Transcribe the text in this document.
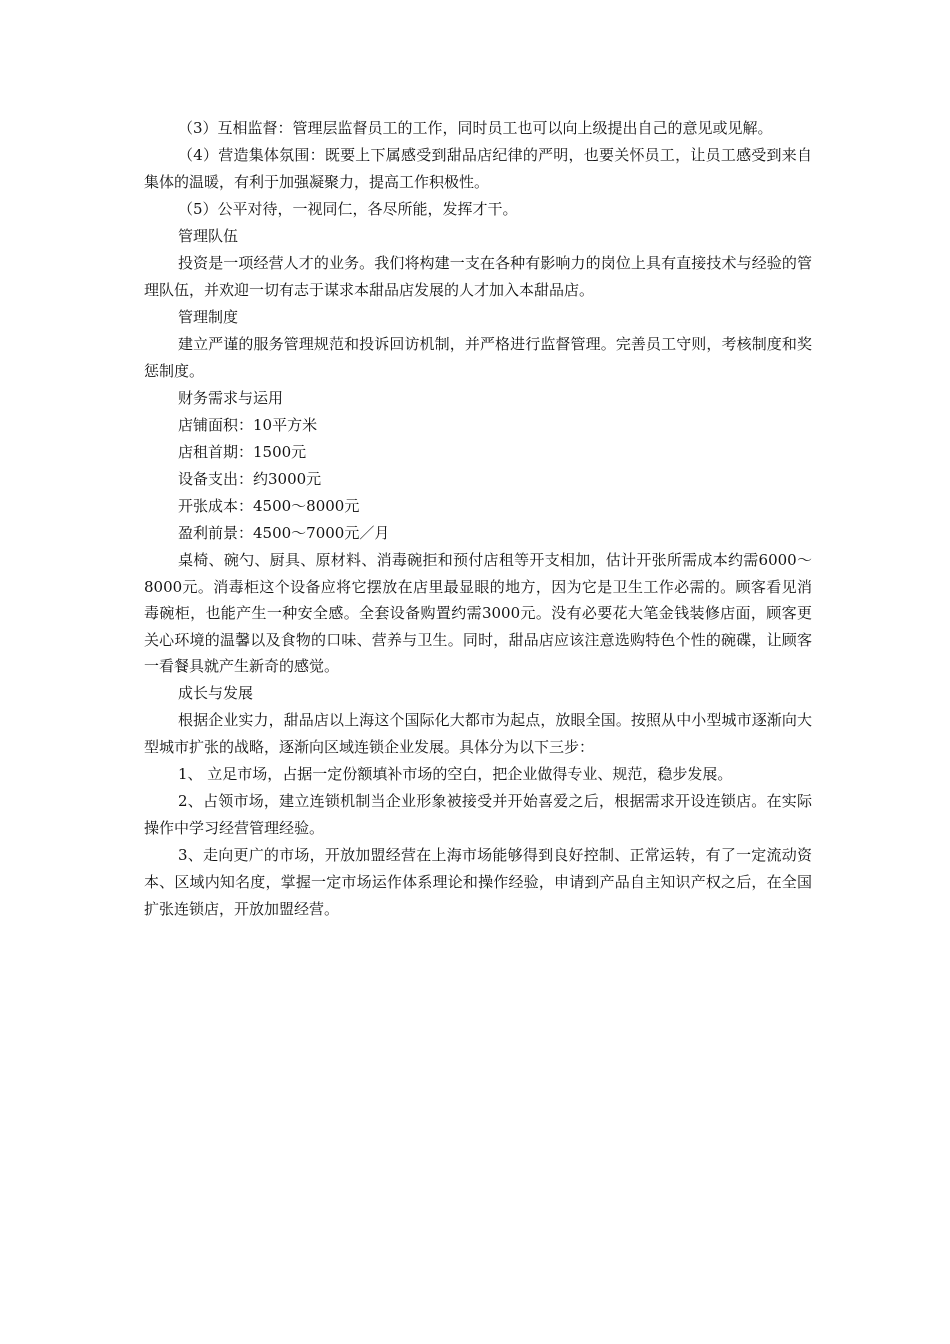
（3）互相监督：管理层监督员工的工作，同时员工也可以向上级提出自己的意见或见解。

（4）营造集体氛围：既要上下属感受到甜品店纪律的严明，也要关怀员工，让员工感受到来自集体的温暖，有利于加强凝聚力，提高工作积极性。

（5）公平对待，一视同仁，各尽所能，发挥才干。

管理队伍

投资是一项经营人才的业务。我们将构建一支在各种有影响力的岗位上具有直接技术与经验的管理队伍，并欢迎一切有志于谋求本甜品店发展的人才加入本甜品店。

管理制度

建立严谨的服务管理规范和投诉回访机制，并严格进行监督管理。完善员工守则，考核制度和奖惩制度。

财务需求与运用

店铺面积：10平方米

店租首期：1500元

设备支出：约3000元

开张成本：4500～8000元

盈利前景：4500～7000元／月

桌椅、碗勺、厨具、原材料、消毒碗拒和预付店租等开支相加，估计开张所需成本约需6000～8000元。消毒柜这个设备应将它摆放在店里最显眼的地方，因为它是卫生工作必需的。顾客看见消毒碗柜，也能产生一种安全感。全套设备购置约需3000元。没有必要花大笔金钱装修店面，顾客更关心环境的温馨以及食物的口味、营养与卫生。同时，甜品店应该注意选购特色个性的碗碟，让顾客一看餐具就产生新奇的感觉。

成长与发展

根据企业实力，甜品店以上海这个国际化大都市为起点，放眼全国。按照从中小型城市逐渐向大型城市扩张的战略，逐渐向区域连锁企业发展。具体分为以下三步：

1、 立足市场，占据一定份额填补市场的空白，把企业做得专业、规范，稳步发展。

2、占领市场，建立连锁机制当企业形象被接受并开始喜爱之后，根据需求开设连锁店。在实际操作中学习经营管理经验。

3、走向更广的市场，开放加盟经营在上海市场能够得到良好控制、正常运转，有了一定流动资本、区域内知名度，掌握一定市场运作体系理论和操作经验，申请到产品自主知识产权之后，在全国扩张连锁店，开放加盟经营。
